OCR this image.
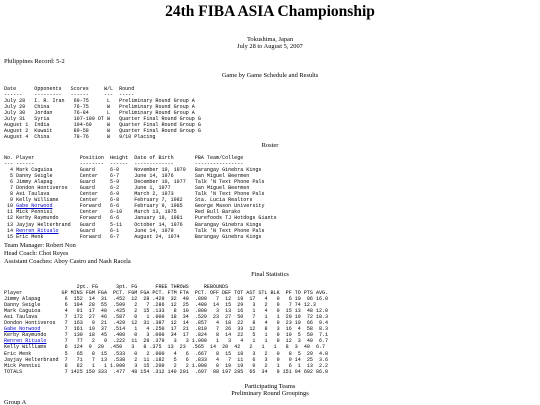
24th FIBA ASIA Championship
Tokushima, Japan
July 28 to August 5, 2007
Philippines Record: 5-2
Game by Game Schedule and Results
Date      Opponents   Scores     W/L  Round
------    ---------   ------     ---  -----
July 28   I. R. Iran   69-75      L   Preliminary Round Group A
July 29   China        76-75      W   Preliminary Round Group A
July 30   Jordan       76-84      L   Preliminary Round Group A
July 31   Syria        107-100 OT W   Quarter Final Round Group G
August 1  India        104-69     W   Quarter Final Round Group G
August 2  Kuwait       89-58      W   Quarter Final Round Group G
August 4  China        78-76      W   9/10 Placing
Roster
No. Player               Position  Height  Date of Birth       PBA Team/College
--- ------               --------  ------  -------------       ----------------
4 Mark Caguioa         Guard     6-0     November 19, 1979   Barangay Ginebra Kings
5 Danny Seigle         Center    6-7     June 14, 1976       San Miguel Beermen
6 Jimmy Alapag         Guard     5-9     December 10, 1977   Talk 'N Text Phone Pals
7 Dondon Hontiveros    Guard     6-2     June 1, 1977        San Miguel Beermen
8 Asi Taulava          Center    6-9     March 2, 1973       Talk 'N Text Phone Pals
9 Kelly Williams       Center    6-8     February 7, 1982    Sta. Lucia Realtors
10 Gabe Norwood         Forward   6-6     February 9, 1985    George Mason University
11 Mick Pennisi         Center    6-10    March 13, 1975      Red Bull Barako
12 Kerby Raymundo       Forward   6-6     January 19, 1981    Purefoods TJ Hotdogs Giants
13 Jayjay Helterbrand   Guard     5-11    October 14, 1976    Barangay Ginebra Kings
14 Renren Ritualo       Guard     6-1     June 14, 1979       Talk 'N Text Phone Pals
15 Eric Menk            Forward   6-7     August 24, 1974     Barangay Ginebra Kings
Team Manager: Robert Non
Head Coach: Chot Reyes
Assistant Coaches: Aboy Castro and Nash Racela
Final Statistics
2pt. FG      3pt. FG      FREE THROWS     REBOUNDS
Player             GP MINS FGM FGA  PCT. FGM FGA PCT. FTM FTA  PCT. OFF DEF TOT AST STL BLK  PF TO PTS AVG.
Jimmy Alapag        6  152  14  31  .452  12  28 .429  32  40  .800   7  12  19  17   4   0   6 10  96 16.0
Danny Seigle        6  104  28  55  .509   2   7 .286  12  25  .480  14  15  29   3   2   9   7 74 12.3
Mark Caguioa        4   91  17  40  .425   2  15 .133   8  10  .800   3  13  16   1   4   0  15 13  48 12.0
Asi Taulava         7  172  27  46  .587   0   1 .000  18  34  .529  23  27  50   7   1   1  20 19  72 10.3
Dondon Hontiveros   7  163   9  21  .429  12  31 .387  12  14  .857   4  18  22   8   4   0  23 10  66  9.4
Gabe Norwood        7  161  19  37  .514   1   4 .250  17  21  .810   7  26  33  12   8   3  16  4  58  8.3
Kerby Raymundo      7  130  18  45  .400   0   3 .000  34  17  .824   8  14  22   5   1   0  19  5  50  7.1
Renren Ritualo      7   77   2   9  .222  11  29 .379   3   3 1.000   1   3   4   1   1   0  12  3  40  6.7
Kelly Williams      6  124  9  20  .450   3   8 .375  13  23  .565  14  20  42   2   1   1   8  3  40  6.7
Eric Menk           5   65   8  15  .533   0   2 .000   4   6  .667   8  15  18   3   2   0   8  5  29  4.8
Jayjay Helterbrand  7   71   7  13  .538   2  11 .182   5   6  .833   4   7  11   6   3   0   9 14  25  3.6
Mick Pennisi        6   62   1   1 1.000   3  15 .200   2   2 1.000   0  19  19   0   2   1   6  1  13  2.2
TOTALS              7 1425 159 333  .477  48 154 .312 140 201  .697  88 197 285  65  34   9 151 94 602 86.0
Participating Teams
Preliminary Round Groupings
Group A
